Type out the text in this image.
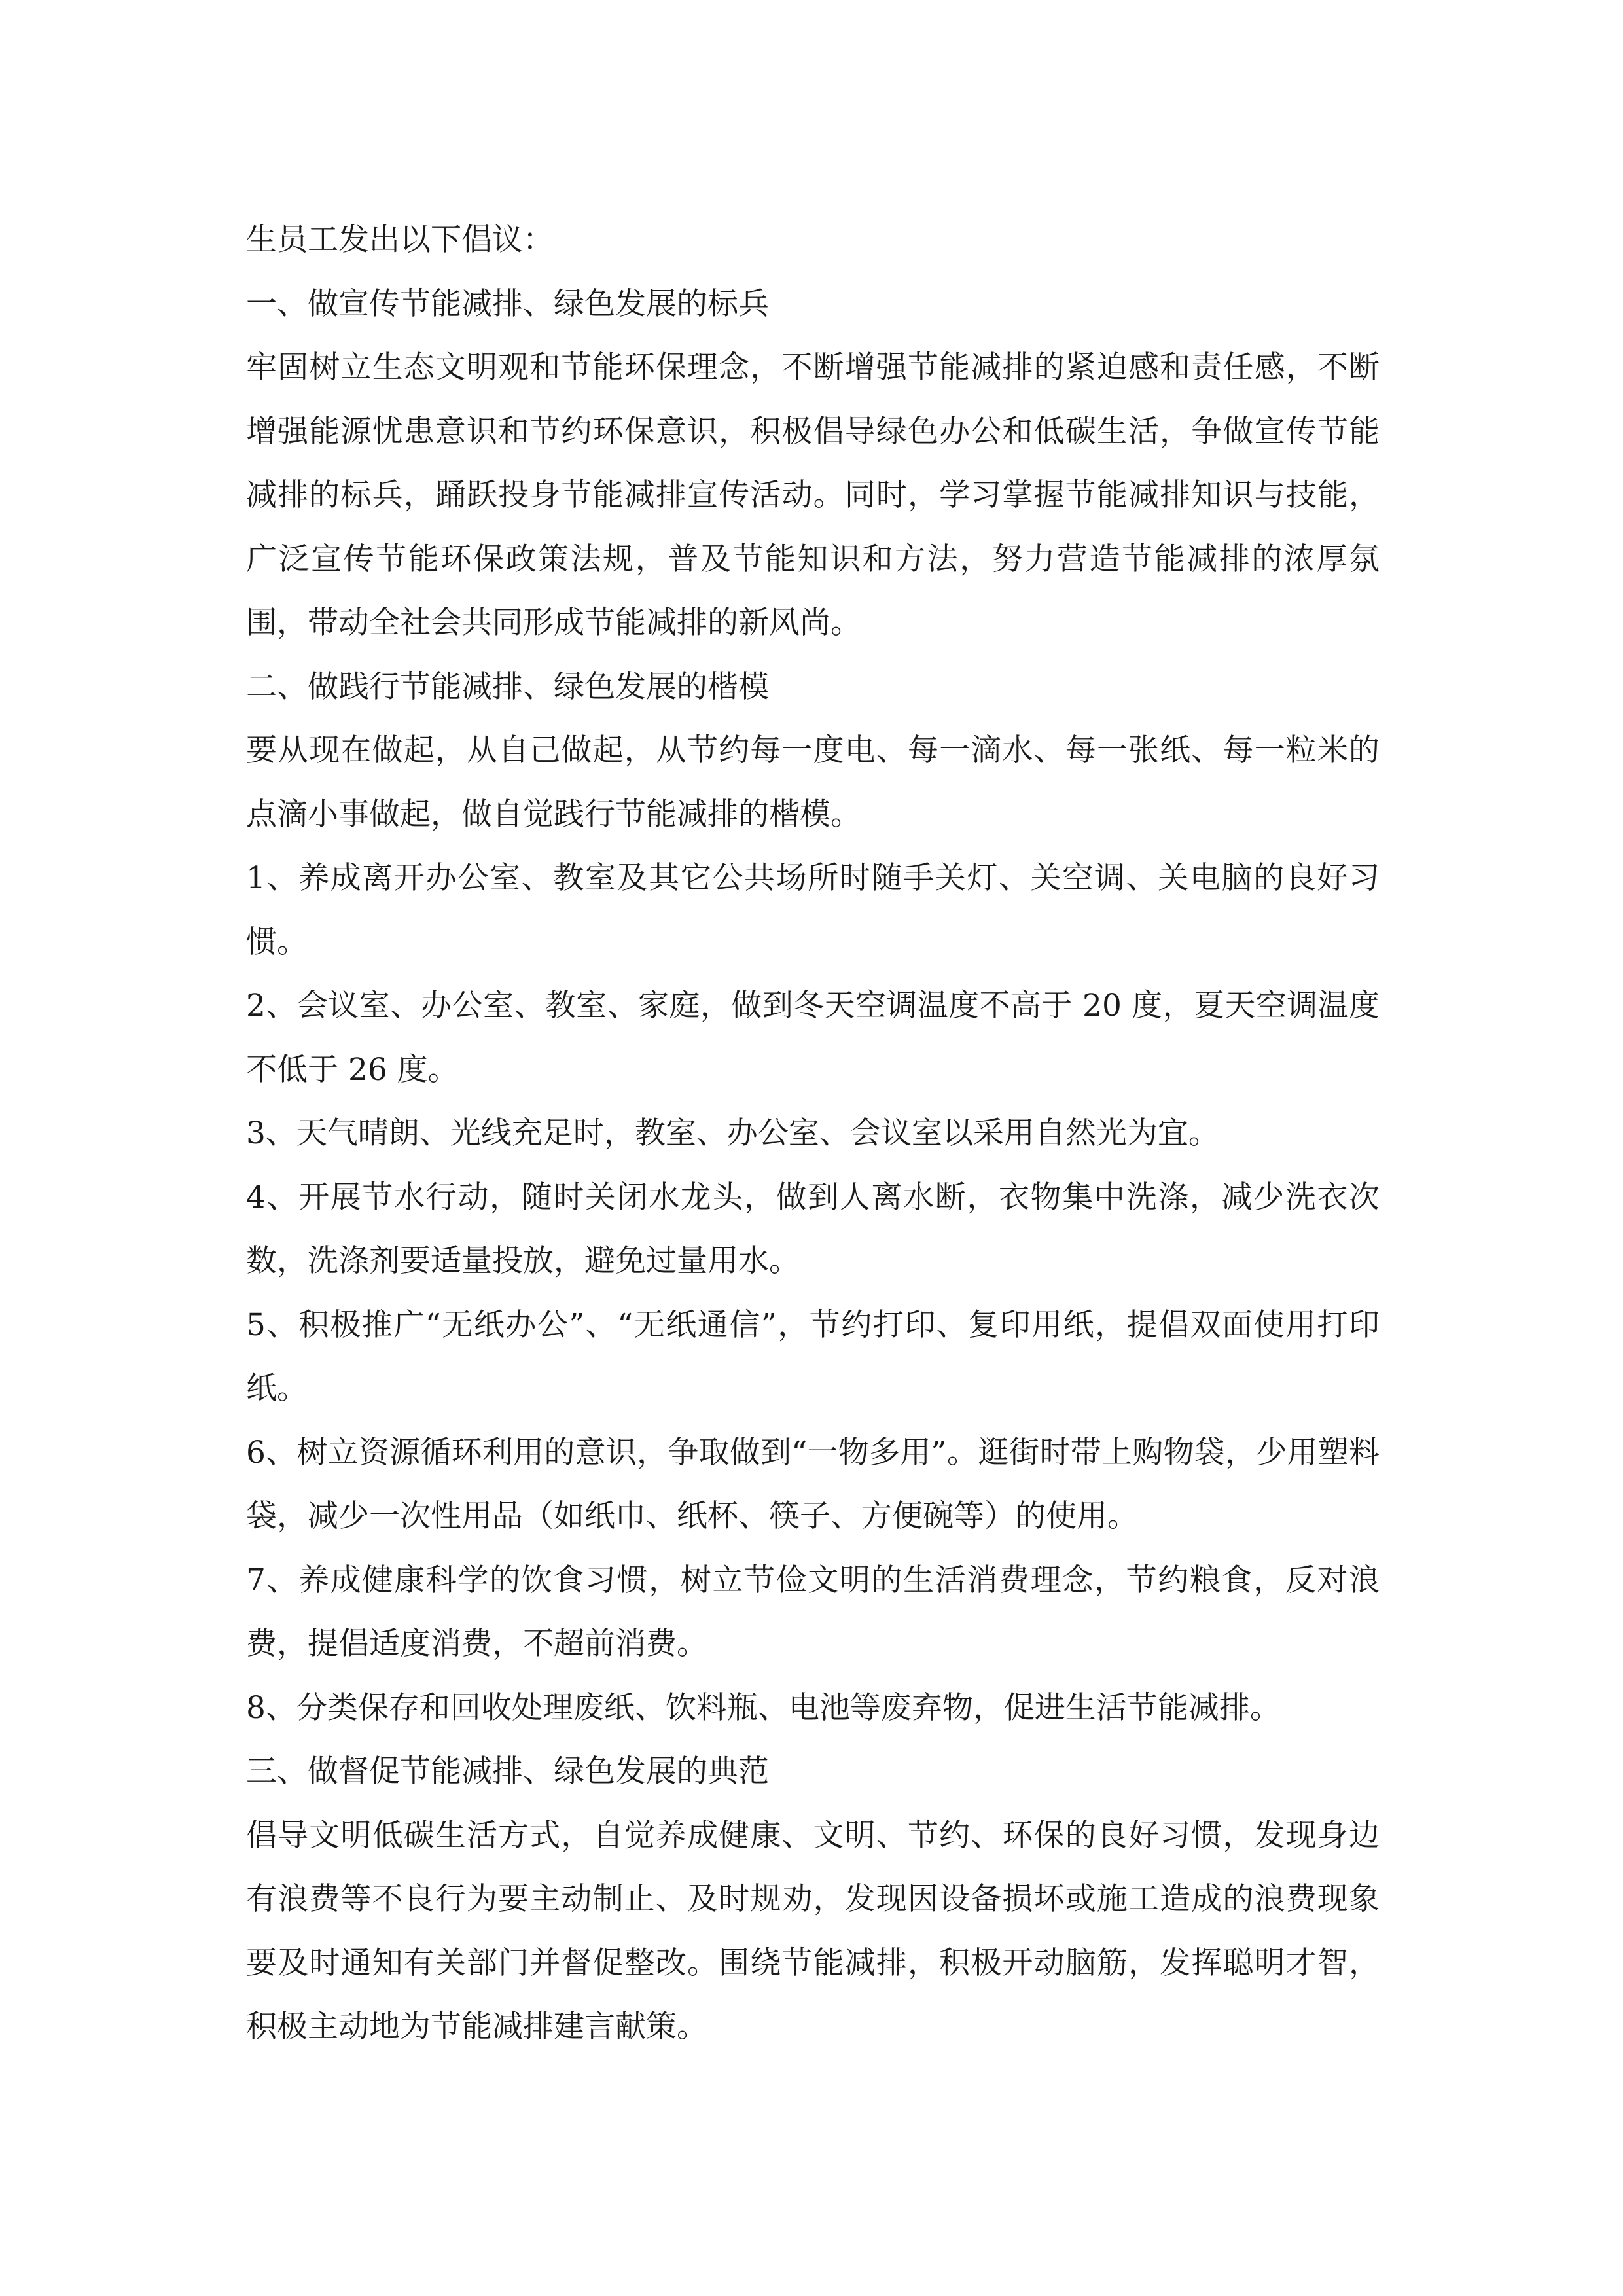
生员工发出以下倡议：

一、做宣传节能减排、绿色发展的标兵

牢固树立生态文明观和节能环保理念，不断增强节能减排的紧迫感和责任感，不断增强能源忧患意识和节约环保意识，积极倡导绿色办公和低碳生活，争做宣传节能减排的标兵，踊跃投身节能减排宣传活动。同时，学习掌握节能减排知识与技能，广泛宣传节能环保政策法规，普及节能知识和方法，努力营造节能减排的浓厚氛围，带动全社会共同形成节能减排的新风尚。

二、做践行节能减排、绿色发展的楷模

要从现在做起，从自己做起，从节约每一度电、每一滴水、每一张纸、每一粒米的点滴小事做起，做自觉践行节能减排的楷模。

1、养成离开办公室、教室及其它公共场所时随手关灯、关空调、关电脑的良好习惯。

2、会议室、办公室、教室、家庭，做到冬天空调温度不高于 20 度，夏天空调温度不低于 26 度。

3、天气晴朗、光线充足时，教室、办公室、会议室以采用自然光为宜。

4、开展节水行动，随时关闭水龙头，做到人离水断，衣物集中洗涤，减少洗衣次数，洗涤剂要适量投放，避免过量用水。

5、积极推广“无纸办公”、“无纸通信”，节约打印、复印用纸，提倡双面使用打印纸。

6、树立资源循环利用的意识，争取做到“一物多用”。逛街时带上购物袋，少用塑料袋，减少一次性用品（如纸巾、纸杯、筷子、方便碗等）的使用。

7、养成健康科学的饮食习惯，树立节俭文明的生活消费理念，节约粮食，反对浪费，提倡适度消费，不超前消费。

8、分类保存和回收处理废纸、饮料瓶、电池等废弃物，促进生活节能减排。

三、做督促节能减排、绿色发展的典范

倡导文明低碳生活方式，自觉养成健康、文明、节约、环保的良好习惯，发现身边有浪费等不良行为要主动制止、及时规劝，发现因设备损坏或施工造成的浪费现象要及时通知有关部门并督促整改。围绕节能减排，积极开动脑筋，发挥聪明才智，积极主动地为节能减排建言献策。
